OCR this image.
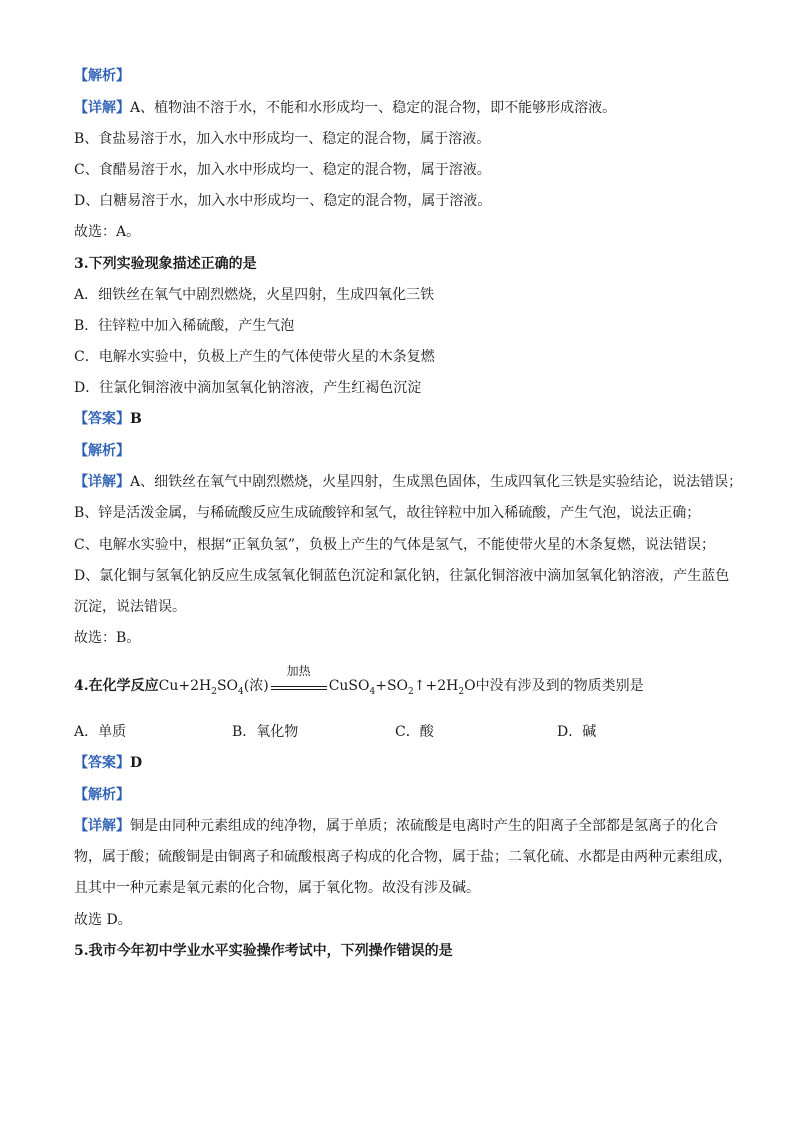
【解析】
【详解】A、植物油不溶于水，不能和水形成均一、稳定的混合物，即不能够形成溶液。
B、食盐易溶于水，加入水中形成均一、稳定的混合物，属于溶液。
C、食醋易溶于水，加入水中形成均一、稳定的混合物，属于溶液。
D、白糖易溶于水，加入水中形成均一、稳定的混合物，属于溶液。
故选：A。
3.下列实验现象描述正确的是
A．细铁丝在氧气中剧烈燃烧，火星四射，生成四氧化三铁
B．往锌粒中加入稀硫酸，产生气泡
C．电解水实验中，负极上产生的气体使带火星的木条复燃
D．往氯化铜溶液中滴加氢氧化钠溶液，产生红褐色沉淀
【答案】B
【解析】
【详解】A、细铁丝在氧气中剧烈燃烧，火星四射，生成黑色固体，生成四氧化三铁是实验结论，说法错误；
B、锌是活泼金属，与稀硫酸反应生成硫酸锌和氢气，故往锌粒中加入稀硫酸，产生气泡，说法正确；
C、电解水实验中，根据“正氧负氢”，负极上产生的气体是氢气，不能使带火星的木条复燃，说法错误；
D、氯化铜与氢氧化钠反应生成氢氧化铜蓝色沉淀和氯化钠，往氯化铜溶液中滴加氢氧化钠溶液，产生蓝色
沉淀，说法错误。
故选：B。
4.在化学反应$Cu+2H_2SO_4$(浓)
加热
$CuSO_4+SO_2↑+2H_2O$中没有涉及到的物质类别是
A．单质	B．氧化物	C．酸	D．碱
【答案】D
【解析】
【详解】铜是由同种元素组成的纯净物，属于单质；浓硫酸是电离时产生的阳离子全部都是氢离子的化合
物，属于酸；硫酸铜是由铜离子和硫酸根离子构成的化合物，属于盐；二氧化硫、水都是由两种元素组成，
且其中一种元素是氧元素的化合物，属于氧化物。故没有涉及碱。
故选 D。
5.我市今年初中学业水平实验操作考试中，下列操作错误的是
